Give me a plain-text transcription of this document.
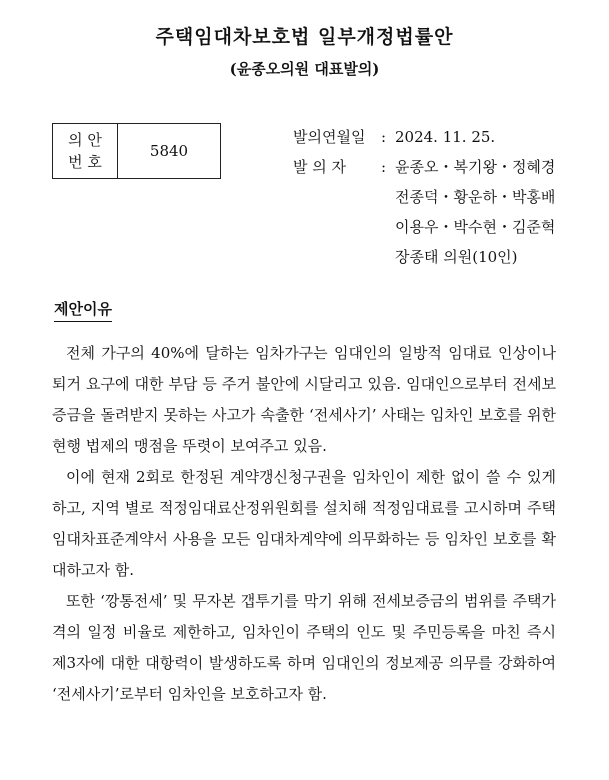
주택임대차보호법 일부개정법률안
(윤종오의원 대표발의)
의 안
번 호
	5840
발의연월일	: 2024. 11. 25.
발 의 자	: 윤종오・복기왕・정혜경
전종덕・황운하・박홍배
이용우・박수현・김준혁
장종태 의원(10인)
제안이유

전체 가구의 40%에 달하는 임차가구는 임대인의 일방적 임대료 인상이나 퇴거 요구에 대한 부담 등 주거 불안에 시달리고 있음. 임대인으로부터 전세보증금을 돌려받지 못하는 사고가 속출한 ‘전세사기’ 사태는 임차인 보호를 위한 현행 법제의 맹점을 뚜렷이 보여주고 있음.

이에 현재 2회로 한정된 계약갱신청구권을 임차인이 제한 없이 쓸 수 있게 하고, 지역 별로 적정임대료산정위원회를 설치해 적정임대료를 고시하며 주택임대차표준계약서 사용을 모든 임대차계약에 의무화하는 등 임차인 보호를 확대하고자 함.

또한 ‘깡통전세’ 및 무자본 갭투기를 막기 위해 전세보증금의 범위를 주택가격의 일정 비율로 제한하고, 임차인이 주택의 인도 및 주민등록을 마친 즉시 제3자에 대한 대항력이 발생하도록 하며 임대인의 정보제공 의무를 강화하여 ‘전세사기’로부터 임차인을 보호하고자 함.
